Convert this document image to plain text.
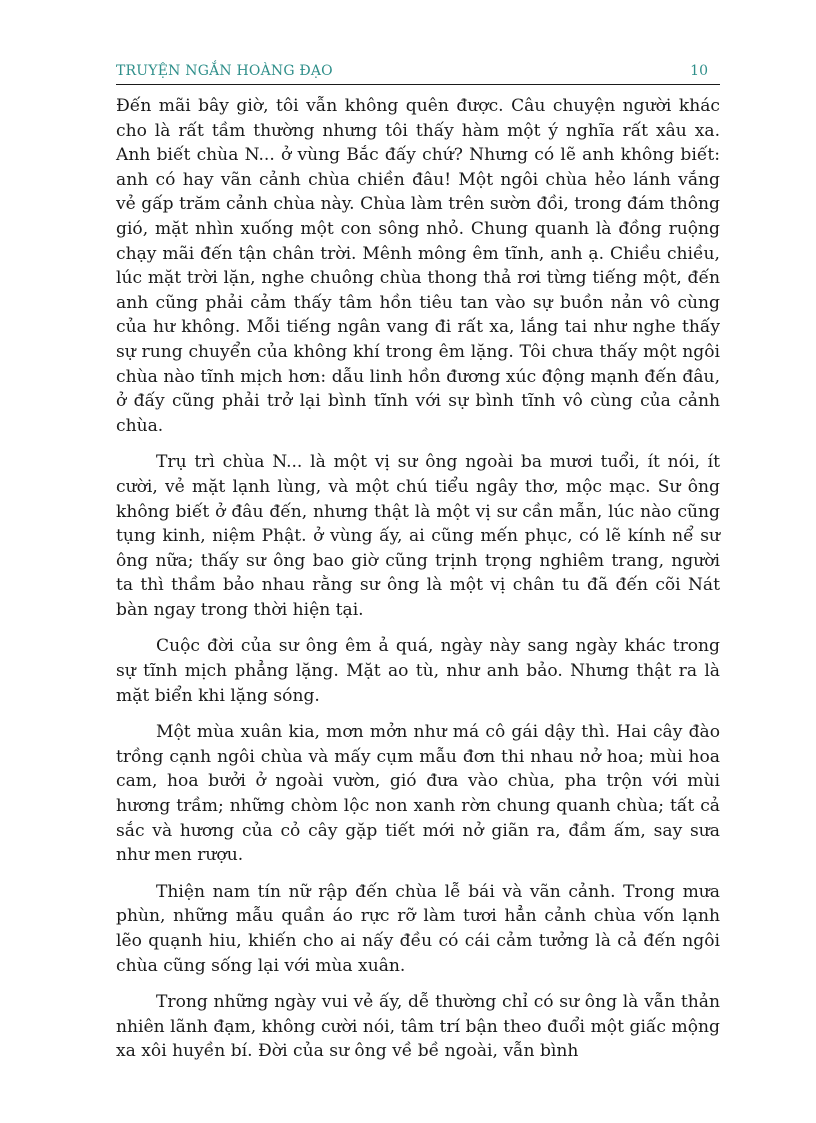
TRUYỆN NGẮN HOÀNG ĐẠO	10

Đến mãi bây giờ, tôi vẫn không quên được. Câu chuyện người khác cho là rất tầm thường nhưng tôi thấy hàm một ý nghĩa rất xâu xa. Anh biết chùa N... ở vùng Bắc đấy chứ? Nhưng có lẽ anh không biết: anh có hay vãn cảnh chùa chiền đâu! Một ngôi chùa hẻo lánh vắng vẻ gấp trăm cảnh chùa này. Chùa làm trên sườn đồi, trong đám thông gió, mặt nhìn xuống một con sông nhỏ. Chung quanh là đồng ruộng chạy mãi đến tận chân trời. Mênh mông êm tĩnh, anh ạ. Chiều chiều, lúc mặt trời lặn, nghe chuông chùa thong thả rơi từng tiếng một, đến anh cũng phải cảm thấy tâm hồn tiêu tan vào sự buồn nản vô cùng của hư không. Mỗi tiếng ngân vang đi rất xa, lắng tai như nghe thấy sự rung chuyển của không khí trong êm lặng. Tôi chưa thấy một ngôi chùa nào tĩnh mịch hơn: dẫu linh hồn đương xúc động mạnh đến đâu, ở đấy cũng phải trở lại bình tĩnh với sự bình tĩnh vô cùng của cảnh chùa.

Trụ trì chùa N... là một vị sư ông ngoài ba mươi tuổi, ít nói, ít cười, vẻ mặt lạnh lùng, và một chú tiểu ngây thơ, mộc mạc. Sư ông không biết ở đâu đến, nhưng thật là một vị sư cần mẫn, lúc nào cũng tụng kinh, niệm Phật. ở vùng ấy, ai cũng mến phục, có lẽ kính nể sư ông nữa; thấy sư ông bao giờ cũng trịnh trọng nghiêm trang, người ta thì thầm bảo nhau rằng sư ông là một vị chân tu đã đến cõi Nát bàn ngay trong thời hiện tại.

Cuộc đời của sư ông êm ả quá, ngày này sang ngày khác trong sự tĩnh mịch phẳng lặng. Mặt ao tù, như anh bảo. Nhưng thật ra là mặt biển khi lặng sóng.

Một mùa xuân kia, mơn mởn như má cô gái dậy thì. Hai cây đào trồng cạnh ngôi chùa và mấy cụm mẫu đơn thi nhau nở hoa; mùi hoa cam, hoa bưởi ở ngoài vườn, gió đưa vào chùa, pha trộn với mùi hương trầm; những chòm lộc non xanh rờn chung quanh chùa; tất cả sắc và hương của cỏ cây gặp tiết mới nở giãn ra, đầm ấm, say sưa như men rượu.

Thiện nam tín nữ rập đến chùa lễ bái và vãn cảnh. Trong mưa phùn, những mẫu quần áo rực rỡ làm tươi hẳn cảnh chùa vốn lạnh lẽo quạnh hiu, khiến cho ai nấy đều có cái cảm tưởng là cả đến ngôi chùa cũng sống lại với mùa xuân.

Trong những ngày vui vẻ ấy, dễ thường chỉ có sư ông là vẫn thản nhiên lãnh đạm, không cười nói, tâm trí bận theo đuổi một giấc mộng xa xôi huyền bí. Đời của sư ông về bề ngoài, vẫn bình
